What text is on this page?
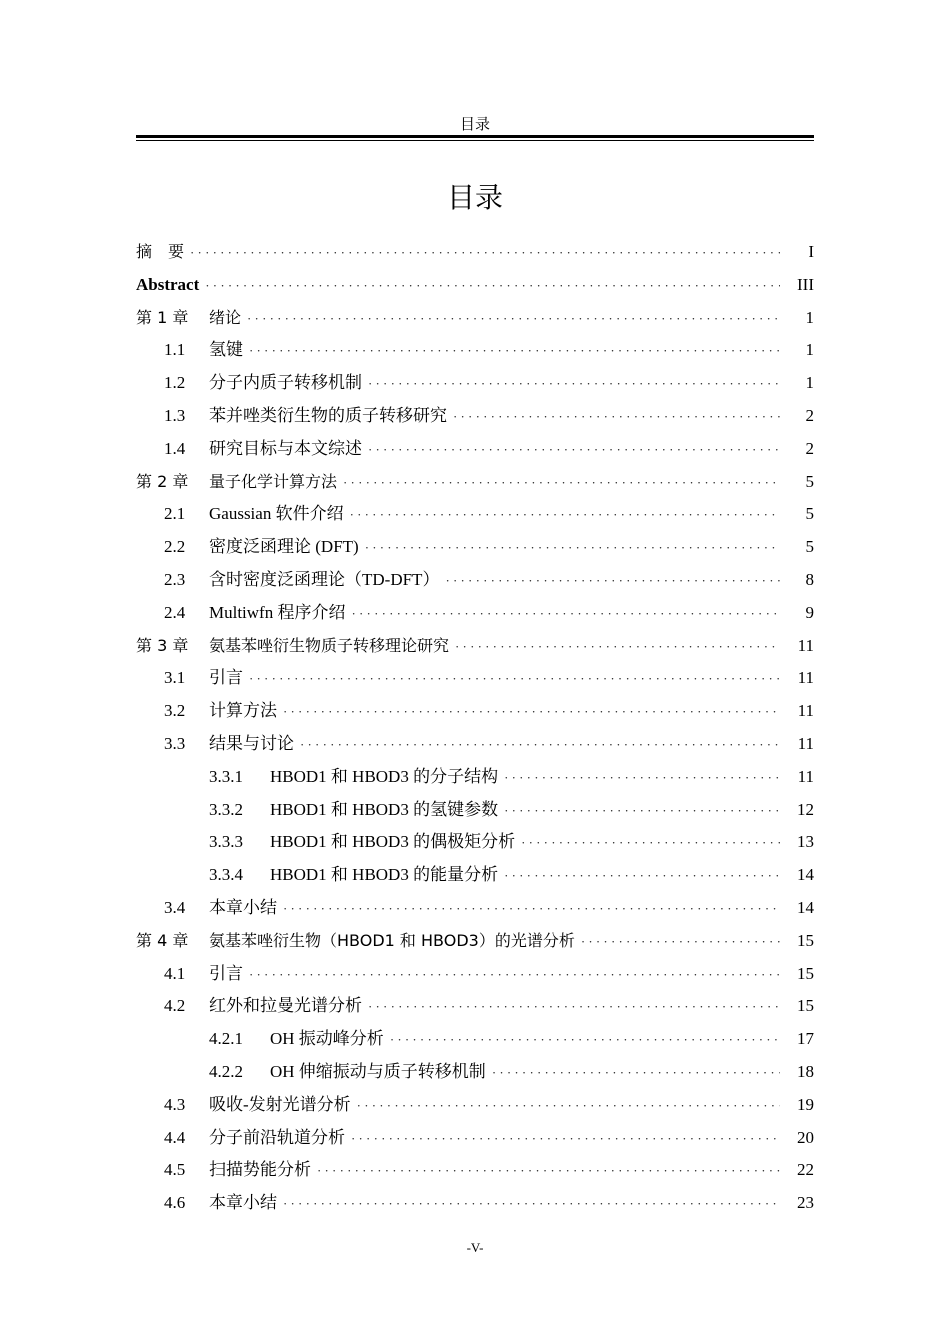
目录
目录
摘　要 ·····	I
Abstract ·····	III
第 1 章	绪论 ·····	1
1.1	氢键 ·····	1
1.2	分子内质子转移机制 ·····	1
1.3	苯并唑类衍生物的质子转移研究 ·····	2
1.4	研究目标与本文综述 ·····	2
第 2 章	量子化学计算方法 ·····	5
2.1	Gaussian 软件介绍 ·····	5
2.2	密度泛函理论 (DFT) ·····	5
2.3	含时密度泛函理论（TD-DFT） ·····	8
2.4	Multiwfn 程序介绍 ·····	9
第 3 章	氨基苯唑衍生物质子转移理论研究 ·····	11
3.1	引言 ·····	11
3.2	计算方法 ·····	11
3.3	结果与讨论 ·····	11
3.3.1	HBOD1 和 HBOD3 的分子结构 ·····	11
3.3.2	HBOD1 和 HBOD3 的氢键参数 ·····	12
3.3.3	HBOD1 和 HBOD3 的偶极矩分析 ·····	13
3.3.4	HBOD1 和 HBOD3 的能量分析 ·····	14
3.4	本章小结 ·····	14
第 4 章	氨基苯唑衍生物（HBOD1 和 HBOD3）的光谱分析 ·····	15
4.1	引言 ·····	15
4.2	红外和拉曼光谱分析 ·····	15
4.2.1	OH 振动峰分析 ·····	17
4.2.2	OH 伸缩振动与质子转移机制 ·····	18
4.3	吸收-发射光谱分析 ·····	19
4.4	分子前沿轨道分析 ·····	20
4.5	扫描势能分析 ·····	22
4.6	本章小结 ·····	23
-V-
